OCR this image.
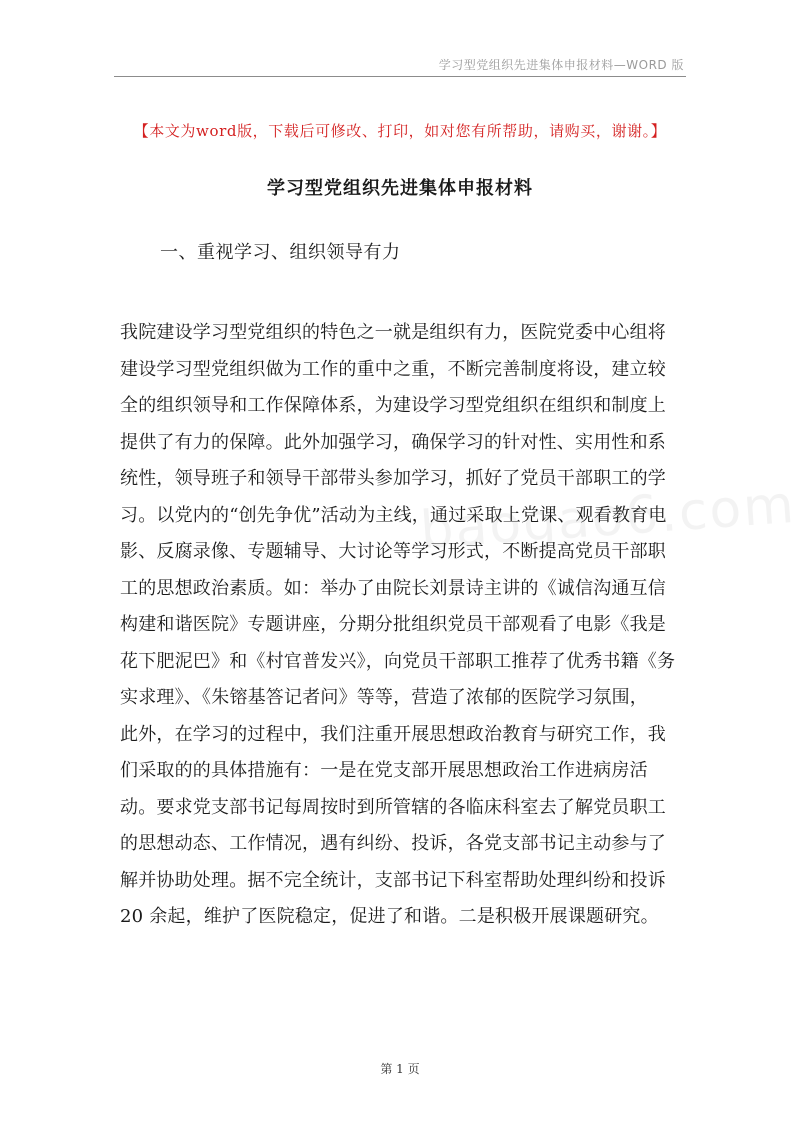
学习型党组织先进集体申报材料—WORD 版
【本文为word版，下载后可修改、打印，如对您有所帮助，请购买，谢谢。】
学习型党组织先进集体申报材料
一、重视学习、组织领导有力
我院建设学习型党组织的特色之一就是组织有力，医院党委中心组将
建设学习型党组织做为工作的重中之重，不断完善制度将设，建立较
全的组织领导和工作保障体系，为建设学习型党组织在组织和制度上
提供了有力的保障。此外加强学习，确保学习的针对性、实用性和系
统性，领导班子和领导干部带头参加学习，抓好了党员干部职工的学
习。以党内的“创先争优”活动为主线，通过采取上党课、观看教育电
影、反腐录像、专题辅导、大讨论等学习形式，不断提高党员干部职
工的思想政治素质。如：举办了由院长刘景诗主讲的《诚信沟通互信
构建和谐医院》专题讲座，分期分批组织党员干部观看了电影《我是
花下肥泥巴》和《村官普发兴》，向党员干部职工推荐了优秀书籍《务
实求理》、《朱镕基答记者问》等等，营造了浓郁的医院学习氛围，
此外，在学习的过程中，我们注重开展思想政治教育与研究工作，我
们采取的的具体措施有：一是在党支部开展思想政治工作进病房活
动。要求党支部书记每周按时到所管辖的各临床科室去了解党员职工
的思想动态、工作情况，遇有纠纷、投诉，各党支部书记主动参与了
解并协助处理。据不完全统计，支部书记下科室帮助处理纠纷和投诉
20 余起，维护了医院稳定，促进了和谐。二是积极开展课题研究。
第 1 页
